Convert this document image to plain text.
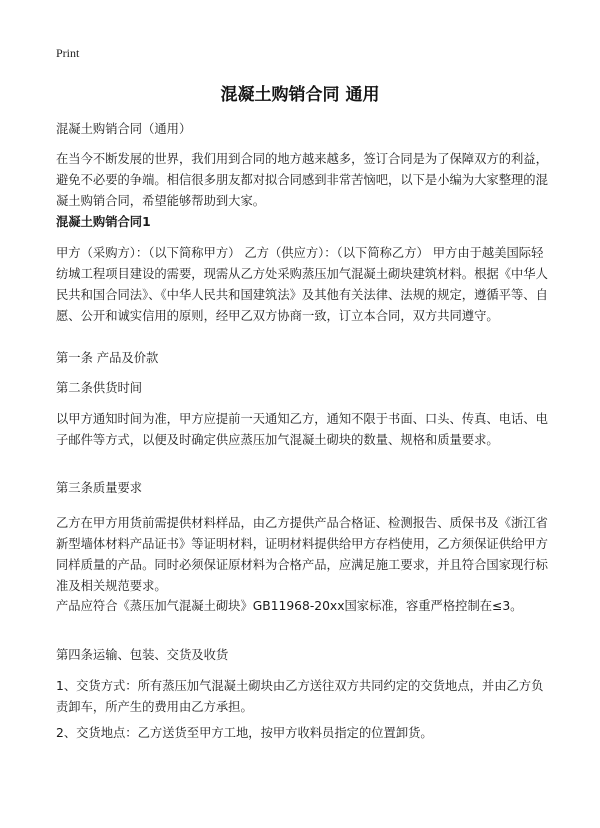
Print
混凝土购销合同 通用
混凝土购销合同（通用）
在当今不断发展的世界，我们用到合同的地方越来越多，签订合同是为了保障双方的利益，避免不必要的争端。相信很多朋友都对拟合同感到非常苦恼吧，以下是小编为大家整理的混凝土购销合同，希望能够帮助到大家。
混凝土购销合同1
甲方（采购方）：（以下简称甲方） 乙方（供应方）：（以下简称乙方） 甲方由于越美国际轻纺城工程项目建设的需要，现需从乙方处采购蒸压加气混凝土砌块建筑材料。根据《中华人民共和国合同法》、《中华人民共和国建筑法》及其他有关法律、法规的规定，遵循平等、自愿、公开和诚实信用的原则，经甲乙双方协商一致，订立本合同，双方共同遵守。
第一条 产品及价款
第二条供货时间
以甲方通知时间为准，甲方应提前一天通知乙方，通知不限于书面、口头、传真、电话、电子邮件等方式，以便及时确定供应蒸压加气混凝土砌块的数量、规格和质量要求。
第三条质量要求
乙方在甲方用货前需提供材料样品，由乙方提供产品合格证、检测报告、质保书及《浙江省新型墙体材料产品证书》等证明材料，证明材料提供给甲方存档使用，乙方须保证供给甲方同样质量的产品。同时必须保证原材料为合格产品，应满足施工要求，并且符合国家现行标准及相关规范要求。
产品应符合《蒸压加气混凝土砌块》GB11968-20xx国家标准，容重严格控制在≤3。
第四条运输、包装、交货及收货
1、交货方式：所有蒸压加气混凝土砌块由乙方送往双方共同约定的交货地点，并由乙方负责卸车，所产生的费用由乙方承担。
2、交货地点：乙方送货至甲方工地，按甲方收料员指定的位置卸货。
